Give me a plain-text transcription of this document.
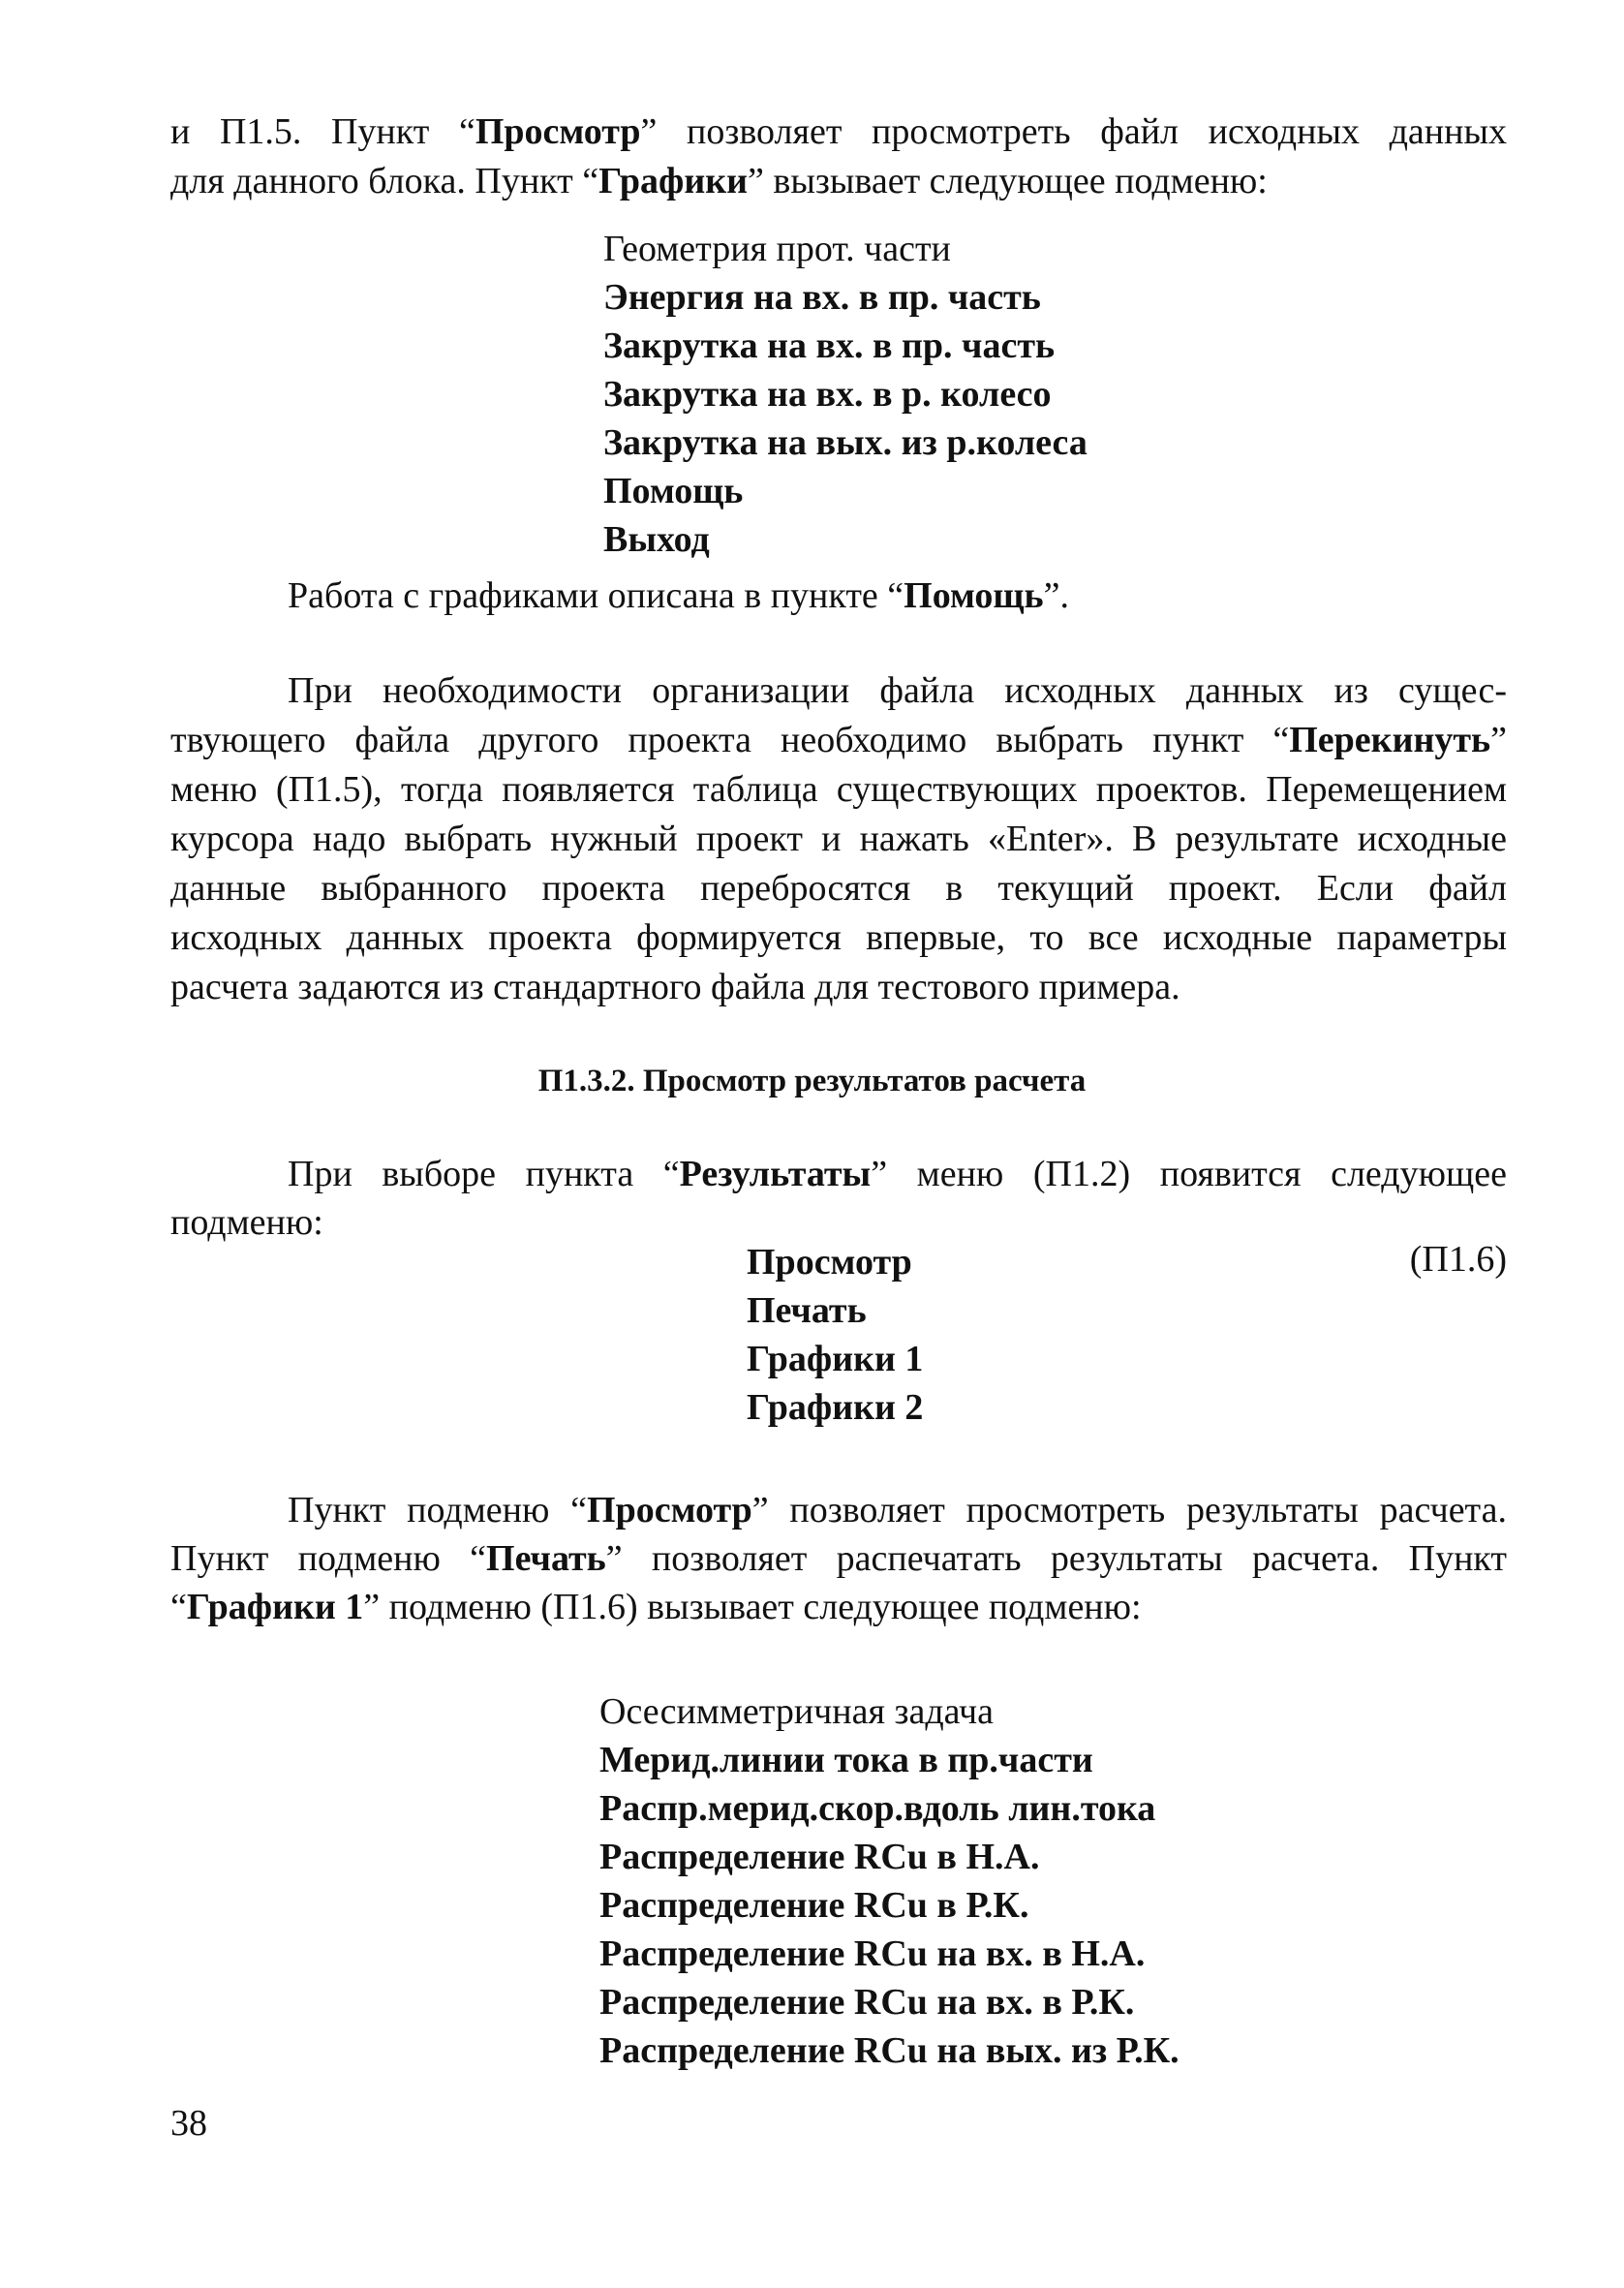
и П1.5. Пункт “Просмотр” позволяет просмотреть файл исходных данных
для данного блока. Пункт “Графики” вызывает следующее подменю:
Геометрия прот. части
Энергия на вх. в пр. часть
Закрутка на вх. в пр. часть
Закрутка на вх. в р. колесо
Закрутка на вых. из р.колеса
Помощь
Выход
Работа с графиками описана в пункте “Помощь”.
При необходимости организации файла исходных данных из сущес-
твующего файла другого проекта необходимо выбрать пункт “Перекинуть”
меню (П1.5), тогда появляется таблица существующих проектов. Перемещением
курсора надо выбрать нужный проект и нажать «Enter». В результате исходные
данные выбранного проекта перебросятся в текущий проект. Если файл
исходных данных проекта формируется впервые, то все исходные параметры
расчета задаются из стандартного файла для тестового примера.
П1.3.2. Просмотр результатов расчета
При выборе пункта “Результаты” меню (П1.2) появится следующее
подменю:
Просмотр
Печать
Графики 1
Графики 2
(П1.6)
Пункт подменю “Просмотр” позволяет просмотреть результаты расчета.
Пункт подменю “Печать” позволяет распечатать результаты расчета. Пункт
“Графики 1” подменю (П1.6) вызывает следующее подменю:
Осесимметричная задача
Мерид.линии тока в пр.части
Распр.мерид.скор.вдоль лин.тока
Распределение RCu в Н.А.
Распределение RCu в Р.К.
Распределение RCu на вх. в Н.А.
Распределение RCu на вх. в Р.К.
Распределение RCu на вых. из Р.К.
38
